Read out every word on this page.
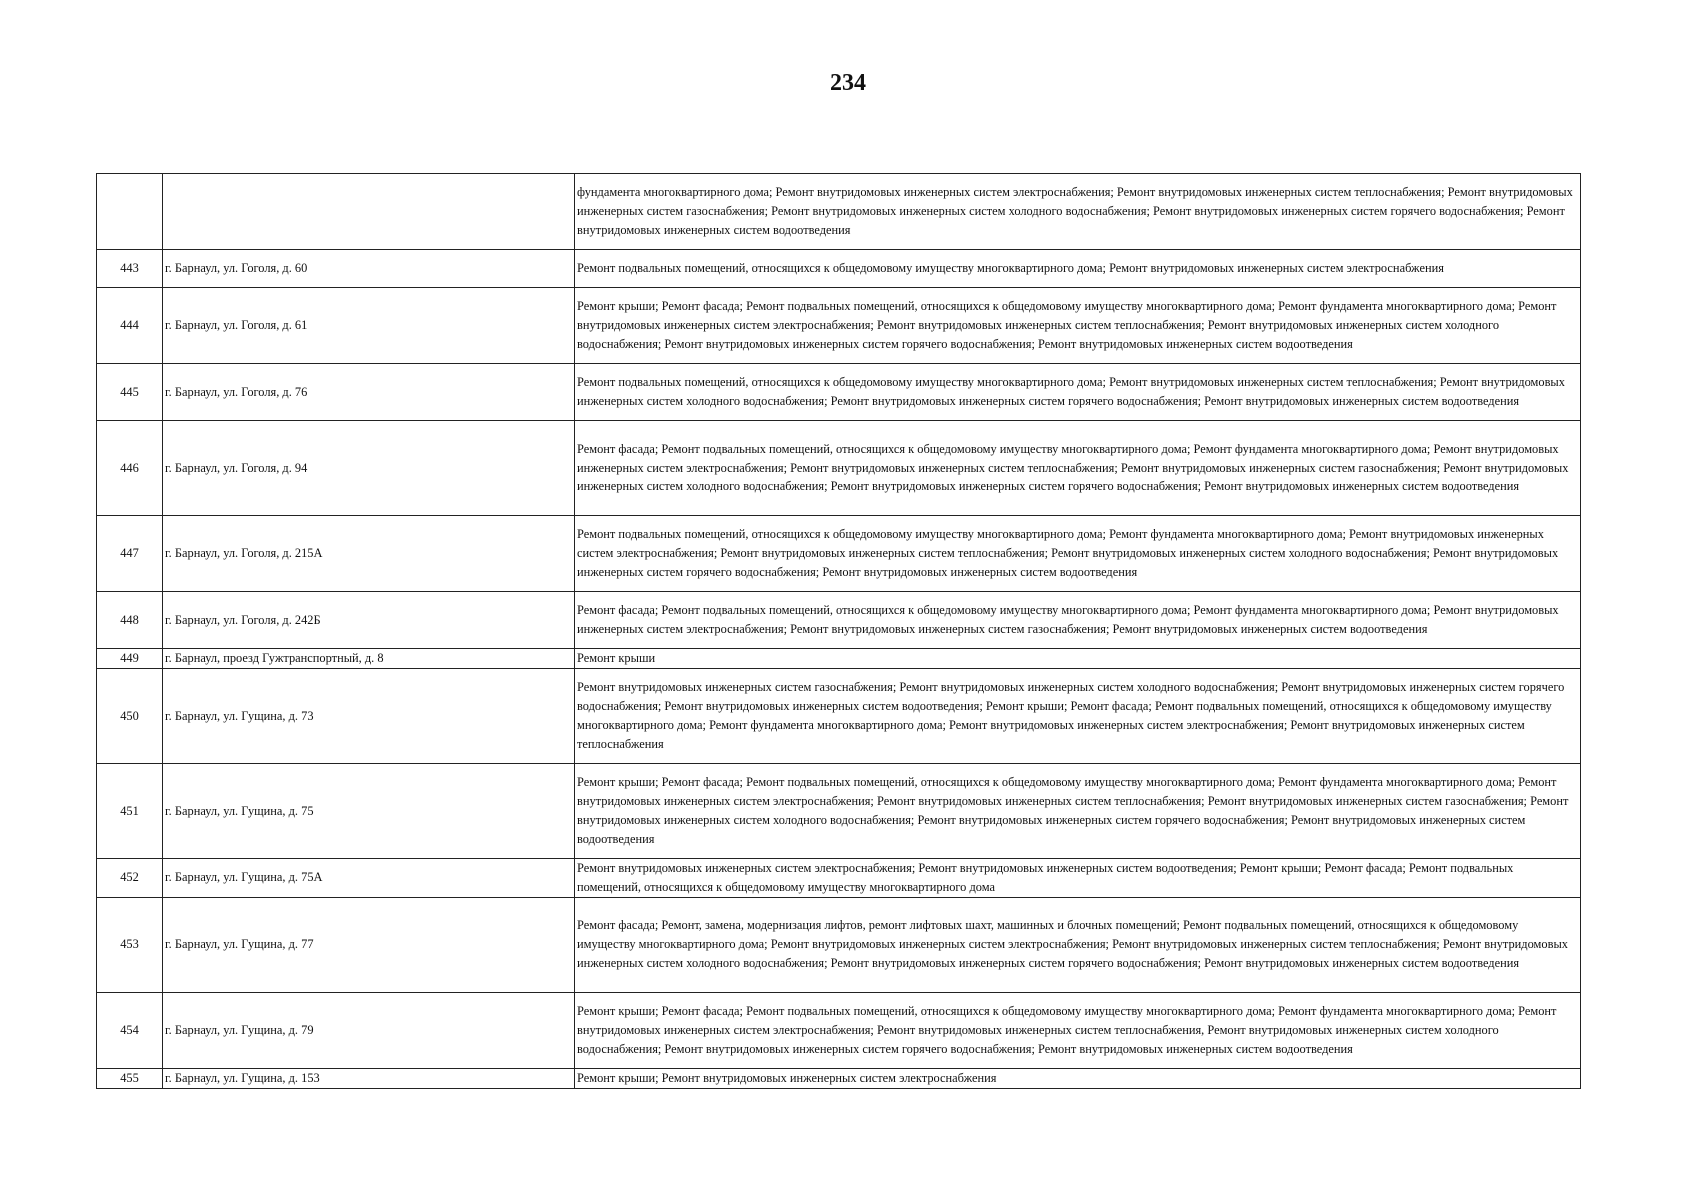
234
		фундамента многоквартирного дома; Ремонт внутридомовых инженерных систем электроснабжения; Ремонт внутридомовых инженерных систем теплоснабжения; Ремонт внутридомовых инженерных систем газоснабжения; Ремонт внутридомовых инженерных систем холодного водоснабжения; Ремонт внутридомовых инженерных систем горячего водоснабжения; Ремонт внутридомовых инженерных систем водоотведения
443	г. Барнаул, ул. Гоголя, д. 60	Ремонт подвальных помещений, относящихся к общедомовому имуществу многоквартирного дома; Ремонт внутридомовых инженерных систем электроснабжения
444	г. Барнаул, ул. Гоголя, д. 61	Ремонт крыши; Ремонт фасада; Ремонт подвальных помещений, относящихся к общедомовому имуществу многоквартирного дома; Ремонт фундамента многоквартирного дома; Ремонт внутридомовых инженерных систем электроснабжения; Ремонт внутридомовых инженерных систем теплоснабжения; Ремонт внутридомовых инженерных систем холодного водоснабжения; Ремонт внутридомовых инженерных систем горячего водоснабжения; Ремонт внутридомовых инженерных систем водоотведения
445	г. Барнаул, ул. Гоголя, д. 76	Ремонт подвальных помещений, относящихся к общедомовому имуществу многоквартирного дома; Ремонт внутридомовых инженерных систем теплоснабжения; Ремонт внутридомовых инженерных систем холодного водоснабжения; Ремонт внутридомовых инженерных систем горячего водоснабжения; Ремонт внутридомовых инженерных систем водоотведения
446	г. Барнаул, ул. Гоголя, д. 94	Ремонт фасада; Ремонт подвальных помещений, относящихся к общедомовому имуществу многоквартирного дома; Ремонт фундамента многоквартирного дома; Ремонт внутридомовых инженерных систем электроснабжения; Ремонт внутридомовых инженерных систем теплоснабжения; Ремонт внутридомовых инженерных систем газоснабжения; Ремонт внутридомовых инженерных систем холодного водоснабжения; Ремонт внутридомовых инженерных систем горячего водоснабжения; Ремонт внутридомовых инженерных систем водоотведения
447	г. Барнаул, ул. Гоголя, д. 215А	Ремонт подвальных помещений, относящихся к общедомовому имуществу многоквартирного дома; Ремонт фундамента многоквартирного дома; Ремонт внутридомовых инженерных систем электроснабжения; Ремонт внутридомовых инженерных систем теплоснабжения; Ремонт внутридомовых инженерных систем холодного водоснабжения; Ремонт внутридомовых инженерных систем горячего водоснабжения; Ремонт внутридомовых инженерных систем водоотведения
448	г. Барнаул, ул. Гоголя, д. 242Б	Ремонт фасада; Ремонт подвальных помещений, относящихся к общедомовому имуществу многоквартирного дома; Ремонт фундамента многоквартирного дома; Ремонт внутридомовых инженерных систем электроснабжения; Ремонт внутридомовых инженерных систем газоснабжения; Ремонт внутридомовых инженерных систем водоотведения
449	г. Барнаул, проезд Гужтранспортный, д. 8	Ремонт крыши
450	г. Барнаул, ул. Гущина, д. 73	Ремонт внутридомовых инженерных систем газоснабжения; Ремонт внутридомовых инженерных систем холодного водоснабжения; Ремонт внутридомовых инженерных систем горячего водоснабжения; Ремонт внутридомовых инженерных систем водоотведения; Ремонт крыши; Ремонт фасада; Ремонт подвальных помещений, относящихся к общедомовому имуществу многоквартирного дома; Ремонт фундамента многоквартирного дома; Ремонт внутридомовых инженерных систем электроснабжения; Ремонт внутридомовых инженерных систем теплоснабжения
451	г. Барнаул, ул. Гущина, д. 75	Ремонт крыши; Ремонт фасада; Ремонт подвальных помещений, относящихся к общедомовому имуществу многоквартирного дома; Ремонт фундамента многоквартирного дома; Ремонт внутридомовых инженерных систем электроснабжения; Ремонт внутридомовых инженерных систем теплоснабжения; Ремонт внутридомовых инженерных систем газоснабжения; Ремонт внутридомовых инженерных систем холодного водоснабжения; Ремонт внутридомовых инженерных систем горячего водоснабжения; Ремонт внутридомовых инженерных систем водоотведения
452	г. Барнаул, ул. Гущина, д. 75А	Ремонт внутридомовых инженерных систем электроснабжения; Ремонт внутридомовых инженерных систем водоотведения; Ремонт крыши; Ремонт фасада; Ремонт подвальных помещений, относящихся к общедомовому имуществу многоквартирного дома
453	г. Барнаул, ул. Гущина, д. 77	Ремонт фасада; Ремонт, замена, модернизация лифтов, ремонт лифтовых шахт, машинных и блочных помещений; Ремонт подвальных помещений, относящихся к общедомовому имуществу многоквартирного дома; Ремонт внутридомовых инженерных систем электроснабжения; Ремонт внутридомовых инженерных систем теплоснабжения; Ремонт внутридомовых инженерных систем холодного водоснабжения; Ремонт внутридомовых инженерных систем горячего водоснабжения; Ремонт внутридомовых инженерных систем водоотведения
454	г. Барнаул, ул. Гущина, д. 79	Ремонт крыши; Ремонт фасада; Ремонт подвальных помещений, относящихся к общедомовому имуществу многоквартирного дома; Ремонт фундамента многоквартирного дома; Ремонт внутридомовых инженерных систем электроснабжения; Ремонт внутридомовых инженерных систем теплоснабжения, Ремонт внутридомовых инженерных систем холодного водоснабжения; Ремонт внутридомовых инженерных систем горячего водоснабжения; Ремонт внутридомовых инженерных систем водоотведения
455	г. Барнаул, ул. Гущина, д. 153	Ремонт крыши; Ремонт внутридомовых инженерных систем электроснабжения
